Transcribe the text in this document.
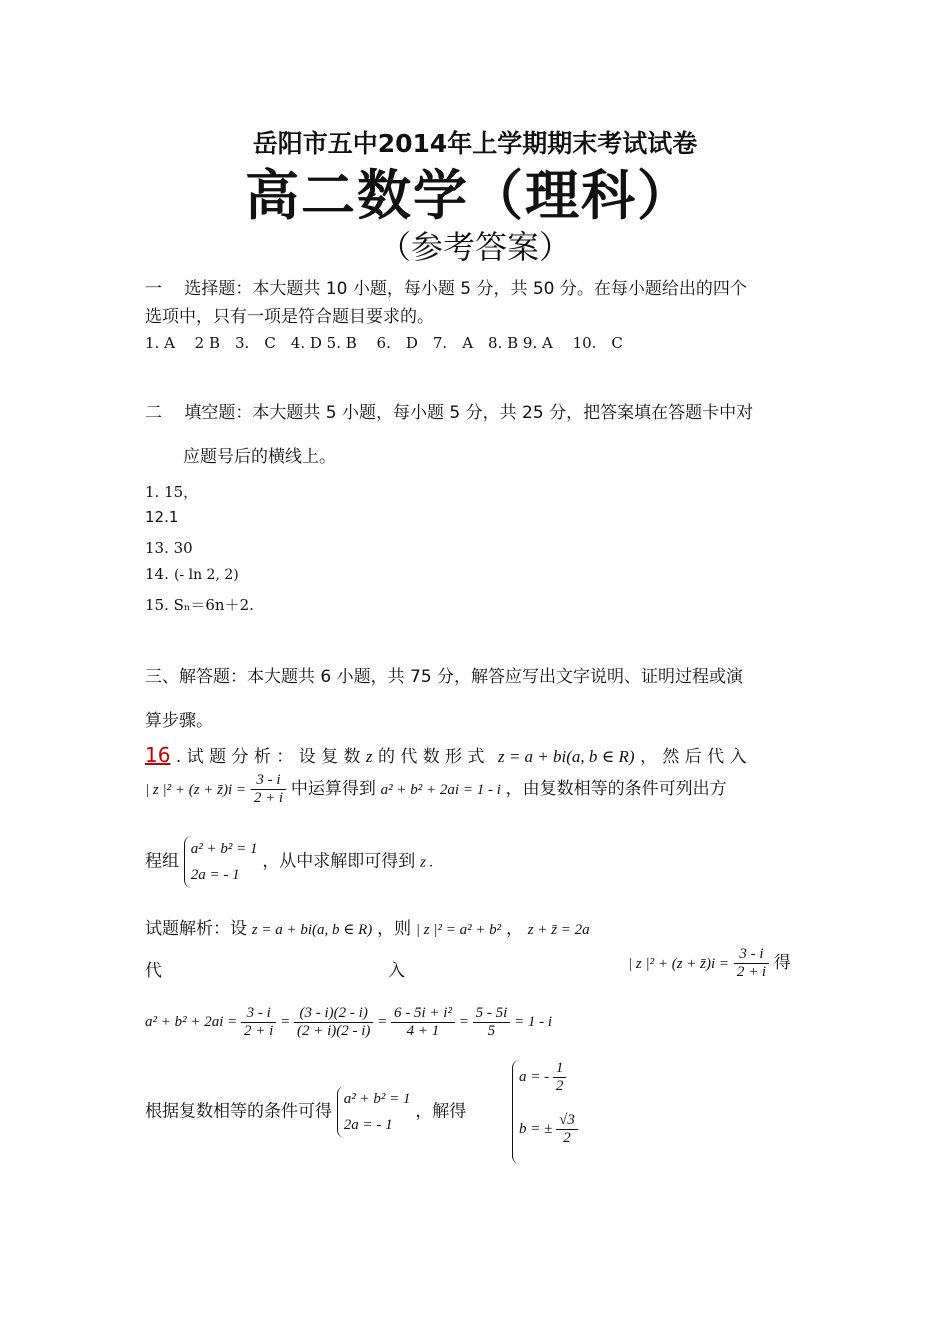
岳阳市五中2014年上学期期末考试试卷
高二数学（理科）
（参考答案）
一　 选择题：本大题共 10 小题，每小题 5 分，共 50 分。在每小题给出的四个
选项中，只有一项是符合题目要求的。
1. A　 2 B　3.　C　4. D 5. B　 6.　D　7.　A　8. B 9. A　 10.　C
二　 填空题：本大题共 5 小题，每小题 5 分，共 25 分，把答案填在答题卡中对
应题号后的横线上。
1. 15，
12.1
13. 30
14. (- ln 2, 2)
15. Sₙ＝6n＋2.
三、解答题：本大题共 6 小题，共 75 分，解答应写出文字说明、证明过程或演
算步骤。
16 . 试 题 分 析 ： 设 复 数 z 的 代 数 形 式 z = a + bi(a, b ∈ R) ， 然 后 代 入
| z |² + (z + z̄)i = $\frac{3 - i}{2 + i}$ 中运算得到 a² + b² + 2ai = 1 - i ，由复数相等的条件可列出方
程组
a² + b² = 1
2a = - 1
，从中求解即可得到 z .
试题解析：设 z = a + bi(a, b ∈ R) ，则 | z |² = a² + b² ， z + z̄ = 2a
代	入	| z |² + (z + z̄)i = $\frac{3 - i}{2 + i}$ 得
$a^2 + b^2 + 2ai = \frac{3 - i}{2 + i} = \frac{(3 - i)(2 - i)}{(2 + i)(2 - i)} = \frac{\text{6 - 5i + i²}}{4 + 1} = \frac{5 - 5i}{5} = 1 - i$
根据复数相等的条件可得
a² + b² = 1
2a = - 1
，解得
a = - $\frac{1}{2}$
b = ± $\frac{√3}{2}$
